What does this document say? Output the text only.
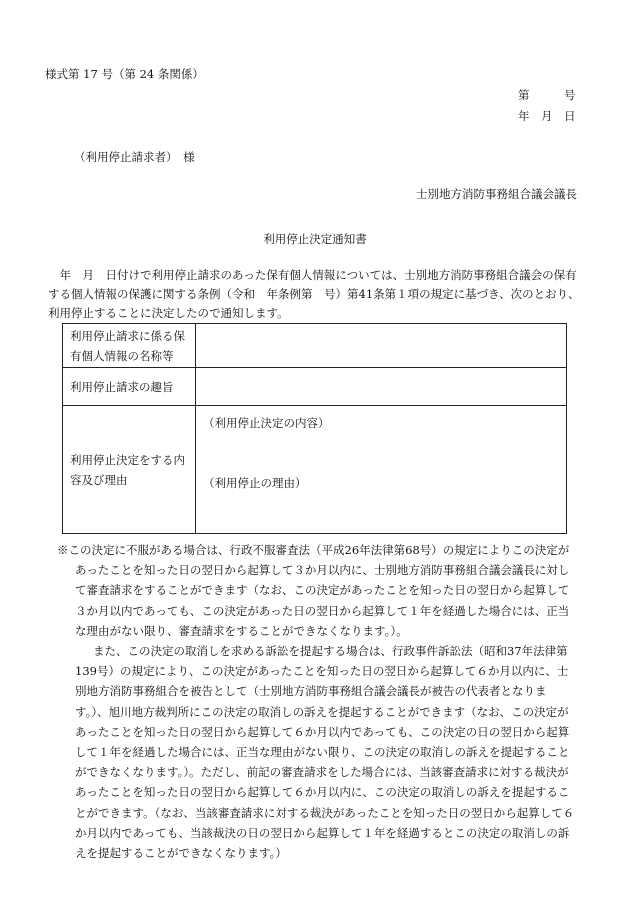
様式第 17 号（第 24 条関係）
第　　　号
年　月　日
（利用停止請求者）　様
士別地方消防事務組合議会議長
利用停止決定通知書

年　月　日付けで利用停止請求のあった保有個人情報については、士別地方消防事務組合議会の保有する個人情報の保護に関する条例（令和　年条例第　号）第41条第１項の規定に基づき、次のとおり、利用停止することに決定したので通知します。

利用停止請求に係る保有個人情報の名称等	
利用停止請求の趣旨	
利用停止決定をする内容及び理由	（利用停止決定の内容）
（利用停止の理由）

※この決定に不服がある場合は、行政不服審査法（平成26年法律第68号）の規定によりこの決定があったことを知った日の翌日から起算して３か月以内に、士別地方消防事務組合議会議長に対して審査請求をすることができます（なお、この決定があったことを知った日の翌日から起算して３か月以内であっても、この決定があった日の翌日から起算して１年を経過した場合には、正当な理由がない限り、審査請求をすることができなくなります。）。

また、この決定の取消しを求める訴訟を提起する場合は、行政事件訴訟法（昭和37年法律第139号）の規定により、この決定があったことを知った日の翌日から起算して６か月以内に、士別地方消防事務組合を被告として（士別地方消防事務組合議会議長が被告の代表者となります。）、旭川地方裁判所にこの決定の取消しの訴えを提起することができます（なお、この決定があったことを知った日の翌日から起算して６か月以内であっても、この決定の日の翌日から起算して１年を経過した場合には、正当な理由がない限り、この決定の取消しの訴えを提起することができなくなります。）。ただし、前記の審査請求をした場合には、当該審査請求に対する裁決があったことを知った日の翌日から起算して６か月以内に、この決定の取消しの訴えを提起することができます。（なお、当該審査請求に対する裁決があったことを知った日の翌日から起算して６か月以内であっても、当該裁決の日の翌日から起算して１年を経過するとこの決定の取消しの訴えを提起することができなくなります。）
